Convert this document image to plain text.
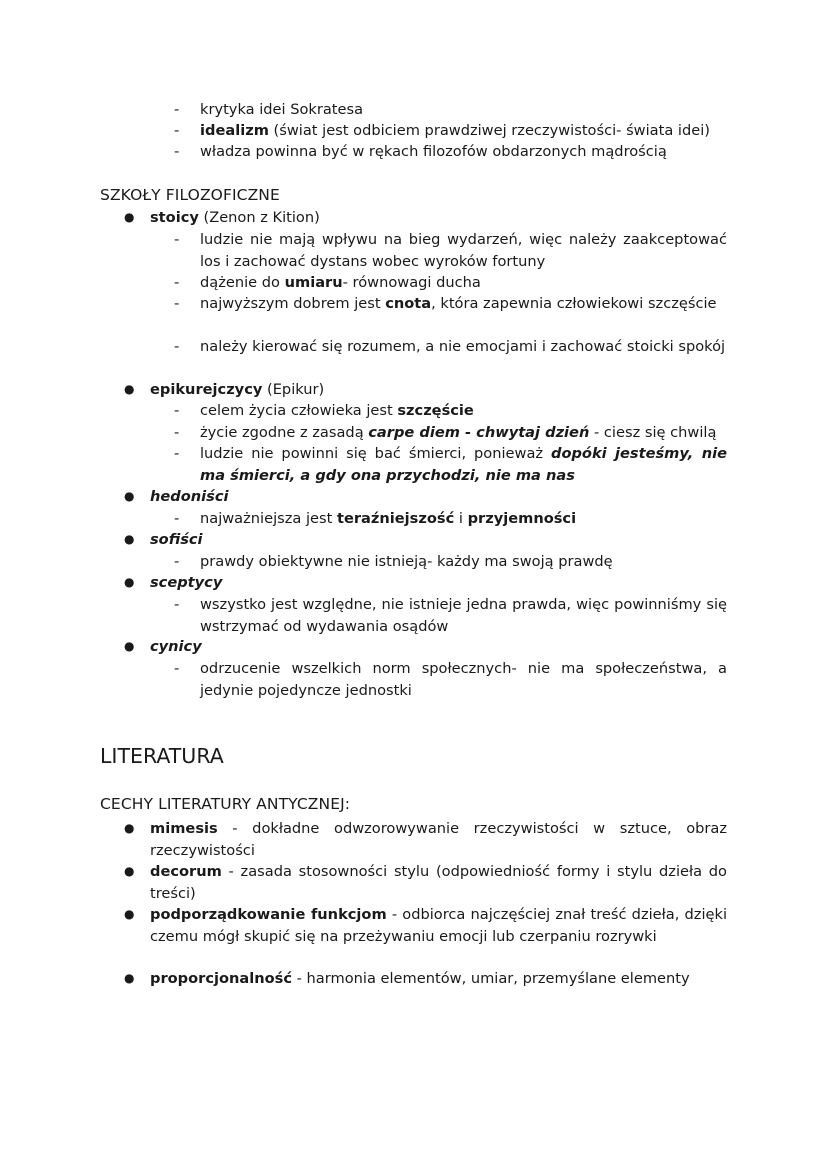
-	krytyka idei Sokratesa
-	idealizm (świat jest odbiciem prawdziwej rzeczywistości- świata idei)
-	władza powinna być w rękach filozofów obdarzonych mądrością
SZKOŁY FILOZOFICZNE
● stoicy (Zenon z Kition)
-	ludzie nie mają wpływu na bieg wydarzeń, więc należy zaakceptować los i zachować dystans wobec wyroków fortuny
-	dążenie do umiaru- równowagi ducha
-	najwyższym dobrem jest cnota, która zapewnia człowiekowi szczęście
-	należy kierować się rozumem, a nie emocjami i zachować stoicki spokój
● epikurejczycy (Epikur)
-	celem życia człowieka jest szczęście
-	życie zgodne z zasadą carpe diem - chwytaj dzień - ciesz się chwilą
-	ludzie nie powinni się bać śmierci, ponieważ dopóki jesteśmy, nie ma śmierci, a gdy ona przychodzi, nie ma nas
● hedoniści
-	najważniejsza jest teraźniejszość i przyjemności
● sofiści
-	prawdy obiektywne nie istnieją- każdy ma swoją prawdę
● sceptycy
-	wszystko jest względne, nie istnieje jedna prawda, więc powinniśmy się wstrzymać od wydawania osądów
● cynicy
-	odrzucenie wszelkich norm społecznych- nie ma społeczeństwa, a jedynie pojedyncze jednostki
LITERATURA
CECHY LITERATURY ANTYCZNEJ:
● mimesis - dokładne odwzorowywanie rzeczywistości w sztuce, obraz rzeczywistości
● decorum - zasada stosowności stylu (odpowiedniość formy i stylu dzieła do treści)
● podporządkowanie funkcjom - odbiorca najczęściej znał treść dzieła, dzięki czemu mógł skupić się na przeżywaniu emocji lub czerpaniu rozrywki
● proporcjonalność - harmonia elementów, umiar, przemyślane elementy
